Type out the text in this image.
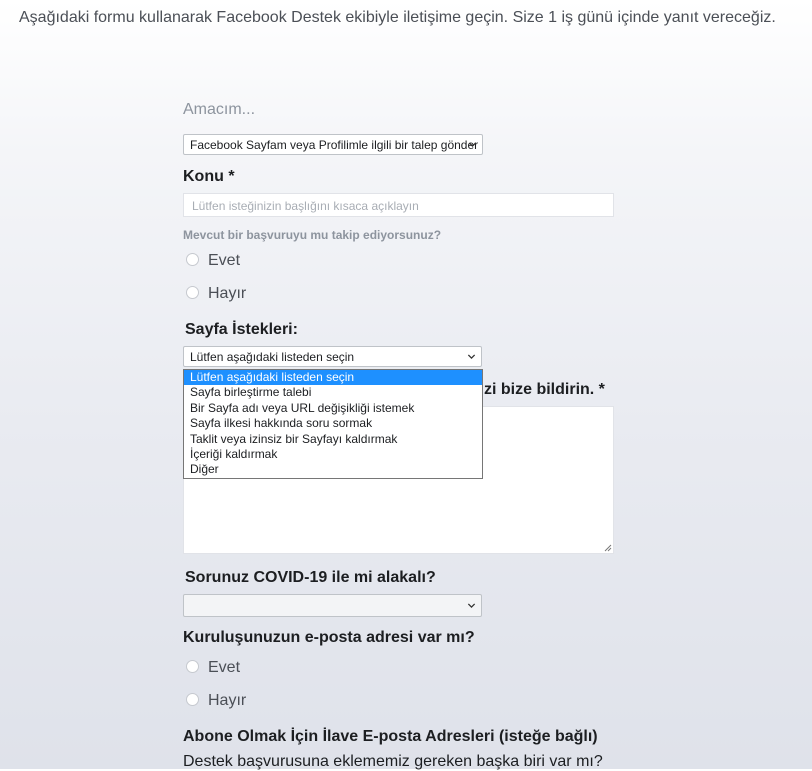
Aşağıdaki formu kullanarak Facebook Destek ekibiyle iletişime geçin. Size 1 iş günü içinde yanıt vereceğiz.
Amacım...
Facebook Sayfam veya Profilimle ilgili bir talep gönder
Konu *
Lütfen isteğinizin başlığını kısaca açıklayın
Mevcut bir başvuruyu mu takip ediyorsunuz?
Evet
Hayır
Sayfa İstekleri:
Lütfen aşağıdaki listeden seçin
zi bize bildirin. *
Lütfen aşağıdaki listeden seçin
Sayfa birleştirme talebi
Bir Sayfa adı veya URL değişikliği istemek
Sayfa ilkesi hakkında soru sormak
Taklit veya izinsiz bir Sayfayı kaldırmak
İçeriği kaldırmak
Diğer
Sorunuz COVID-19 ile mi alakalı?
Kuruluşunuzun e-posta adresi var mı?
Evet
Hayır
Abone Olmak İçin İlave E-posta Adresleri (isteğe bağlı)
Destek başvurusuna eklememiz gereken başka biri var mı?
